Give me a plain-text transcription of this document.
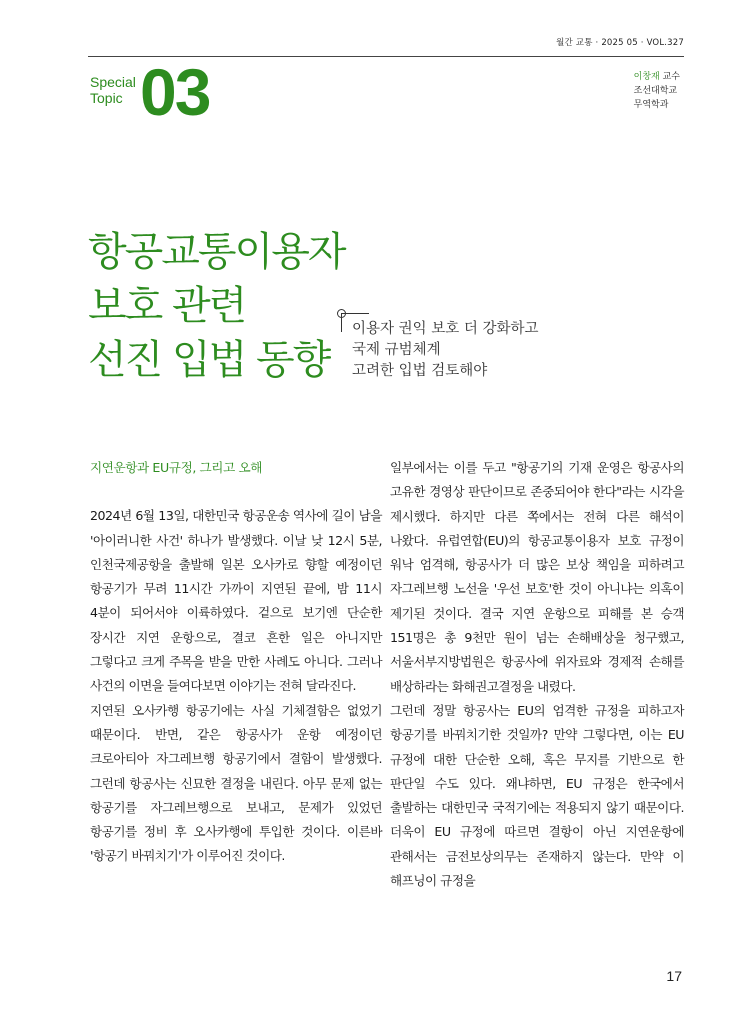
월간 교통 · 2025 05 · VOL.327
Special
Topic 03	이창재 교수
조선대학교
무역학과
항공교통이용자
보호 관련
선진 입법 동향
이용자 권익 보호 더 강화하고
국제 규범체계
고려한 입법 검토해야
지연운항과 EU규정, 그리고 오해

2024년 6월 13일, 대한민국 항공운송 역사에 길이 남을 '아이러니한 사건' 하나가 발생했다. 이날 낮 12시 5분, 인천국제공항을 출발해 일본 오사카로 향할 예정이던 항공기가 무려 11시간 가까이 지연된 끝에, 밤 11시 4분이 되어서야 이륙하였다. 겉으로 보기엔 단순한 장시간 지연 운항으로, 결코 흔한 일은 아니지만 그렇다고 크게 주목을 받을 만한 사례도 아니다. 그러나 사건의 이면을 들여다보면 이야기는 전혀 달라진다.

지연된 오사카행 항공기에는 사실 기체결함은 없었기 때문이다. 반면, 같은 항공사가 운항 예정이던 크로아티아 자그레브행 항공기에서 결함이 발생했다. 그런데 항공사는 신묘한 결정을 내린다. 아무 문제 없는 항공기를 자그레브행으로 보내고, 문제가 있었던 항공기를 정비 후 오사카행에 투입한 것이다. 이른바 '항공기 바꿔치기'가 이루어진 것이다.

일부에서는 이를 두고 "항공기의 기재 운영은 항공사의 고유한 경영상 판단이므로 존중되어야 한다"라는 시각을 제시했다. 하지만 다른 쪽에서는 전혀 다른 해석이 나왔다. 유럽연합(EU)의 항공교통이용자 보호 규정이 워낙 엄격해, 항공사가 더 많은 보상 책임을 피하려고 자그레브행 노선을 '우선 보호'한 것이 아니냐는 의혹이 제기된 것이다. 결국 지연 운항으로 피해를 본 승객 151명은 총 9천만 원이 넘는 손해배상을 청구했고, 서울서부지방법원은 항공사에 위자료와 경제적 손해를 배상하라는 화해권고결정을 내렸다.

그런데 정말 항공사는 EU의 엄격한 규정을 피하고자 항공기를 바꿔치기한 것일까? 만약 그렇다면, 이는 EU 규정에 대한 단순한 오해, 혹은 무지를 기반으로 한 판단일 수도 있다. 왜냐하면, EU 규정은 한국에서 출발하는 대한민국 국적기에는 적용되지 않기 때문이다. 더욱이 EU 규정에 따르면 결항이 아닌 지연운항에 관해서는 금전보상의무는 존재하지 않는다. 만약 이 해프닝이 규정을

17
